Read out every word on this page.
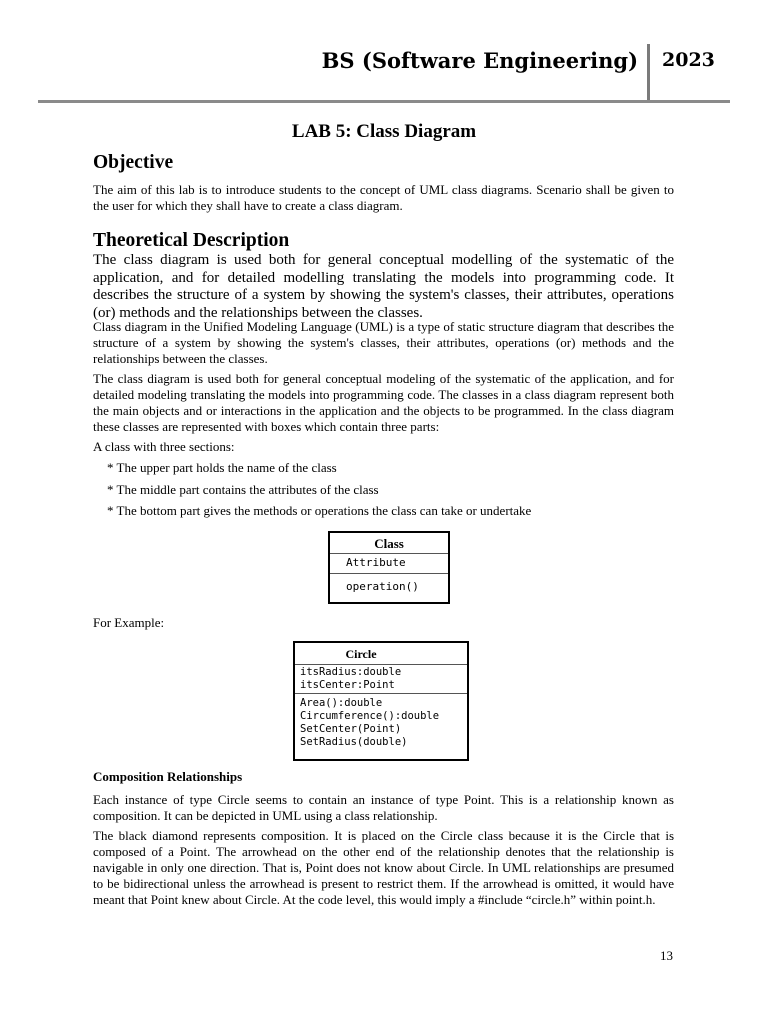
BS (Software Engineering) 2023
LAB 5: Class Diagram
Objective

The aim of this lab is to introduce students to the concept of UML class diagrams. Scenario shall be given to the user for which they shall have to create a class diagram.

Theoretical Description

The class diagram is used both for general conceptual modelling of the systematic of the application, and for detailed modelling translating the models into programming code. It describes the structure of a system by showing the system's classes, their attributes, operations (or) methods and the relationships between the classes.

Class diagram in the Unified Modeling Language (UML) is a type of static structure diagram that describes the structure of a system by showing the system's classes, their attributes, operations (or) methods and the relationships between the classes.

The class diagram is used both for general conceptual modeling of the systematic of the application, and for detailed modeling translating the models into programming code. The classes in a class diagram represent both the main objects and or interactions in the application and the objects to be programmed. In the class diagram these classes are represented with boxes which contain three parts:

A class with three sections:

* The upper part holds the name of the class
* The middle part contains the attributes of the class
* The bottom part gives the methods or operations the class can take or undertake
Class
Attribute
operation()

For Example:

Circle
itsRadius:double
itsCenter:Point
Area():double
Circumference():double
SetCenter(Point)
SetRadius(double)
Composition Relationships

Each instance of type Circle seems to contain an instance of type Point. This is a relationship known as composition. It can be depicted in UML using a class relationship.

The black diamond represents composition. It is placed on the Circle class because it is the Circle that is composed of a Point. The arrowhead on the other end of the relationship denotes that the relationship is navigable in only one direction. That is, Point does not know about Circle. In UML relationships are presumed to be bidirectional unless the arrowhead is present to restrict them. If the arrowhead is omitted, it would have meant that Point knew about Circle. At the code level, this would imply a #include “circle.h” within point.h.

13
